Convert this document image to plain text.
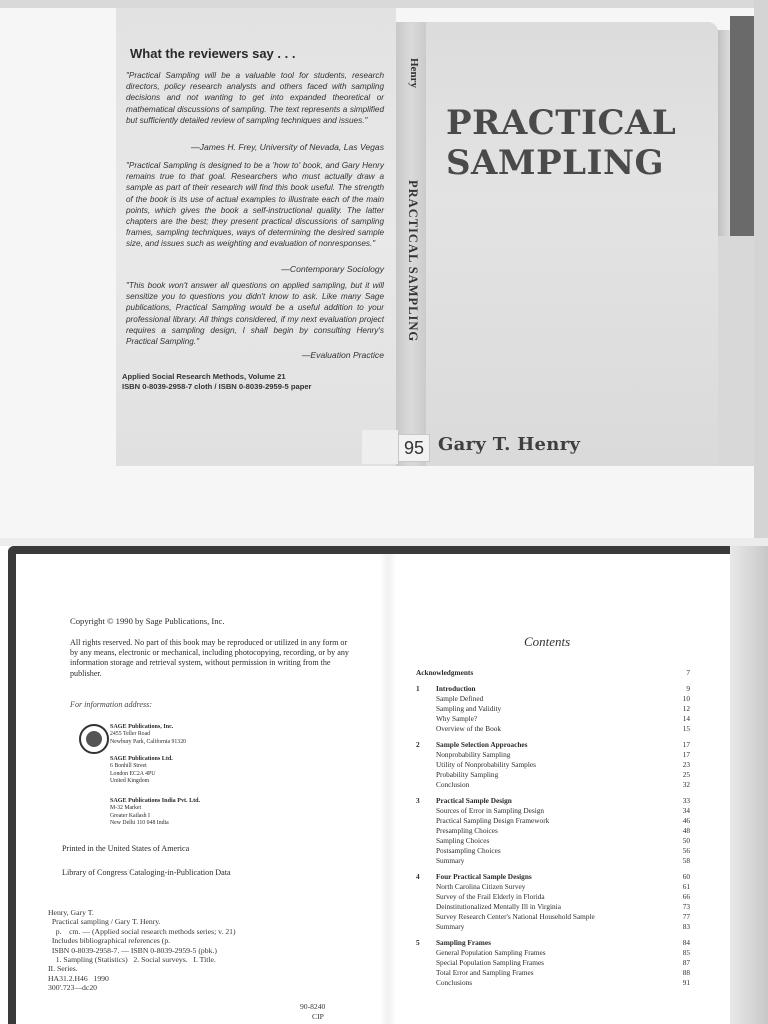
What the reviewers say . . .
"Practical Sampling will be a valuable tool for students, research directors, policy research analysts and others faced with sampling decisions and not wanting to get into expanded theoretical or mathematical discussions of sampling. The text represents a simplified but sufficiently detailed review of sampling techniques and issues."
—James H. Frey, University of Nevada, Las Vegas
"Practical Sampling is designed to be a 'how to' book, and Gary Henry remains true to that goal. Researchers who must actually draw a sample as part of their research will find this book useful. The strength of the book is its use of actual examples to illustrate each of the main points, which gives the book a self-instructional quality. The latter chapters are the best; they present practical discussions of sampling frames, sampling techniques, ways of determining the desired sample size, and issues such as weighting and evaluation of nonresponses."
—Contemporary Sociology
"This book won't answer all questions on applied sampling, but it will sensitize you to questions you didn't know to ask. Like many Sage publications, Practical Sampling would be a useful addition to your professional library. All things considered, if my next evaluation project requires a sampling design, I shall begin by consulting Henry's Practical Sampling."
—Evaluation Practice
Applied Social Research Methods, Volume 21
ISBN 0-8039-2958-7 cloth / ISBN 0-8039-2959-5 paper
Henry
PRACTICAL SAMPLING
PRACTICAL
SAMPLING
95 Gary T. Henry
Copyright © 1990 by Sage Publications, Inc.
All rights reserved. No part of this book may be reproduced or utilized in any form or by any means, electronic or mechanical, including photocopying, recording, or by any information storage and retrieval system, without permission in writing from the publisher.
For information address:
SAGE Publications, Inc.
2455 Teller Road
Newbury Park, California 91320
SAGE Publications Ltd.
6 Bonhill Street
London EC2A 4PU
United Kingdom
SAGE Publications India Pvt. Ltd.
M-32 Market
Greater Kailash I
New Delhi 110 048 India
Printed in the United States of America
Library of Congress Cataloging-in-Publication Data
Henry, Gary T.
Practical sampling / Gary T. Henry.
p.    cm. — (Applied social research methods series; v. 21)
Includes bibliographical references (p.
ISBN 0-8039-2958-7. — ISBN 0-8039-2959-5 (pbk.)
1. Sampling (Statistics)   2. Social surveys.   I. Title.
II. Series.
HA31.2.H46   1990
300'.723—dc20
90-8240
CIP
Contents
Acknowledgments	7
1 Introduction	9
Sample Defined	10
Sampling and Validity	12
Why Sample?	14
Overview of the Book	15
2 Sample Selection Approaches	17
Nonprobability Sampling	17
Utility of Nonprobability Samples	23
Probability Sampling	25
Conclusion	32
3 Practical Sample Design	33
Sources of Error in Sampling Design	34
Practical Sampling Design Framework	46
Presampling Choices	48
Sampling Choices	50
Postsampling Choices	56
Summary	58
4 Four Practical Sample Designs	60
North Carolina Citizen Survey	61
Survey of the Frail Elderly in Florida	66
Deinstitutionalized Mentally Ill in Virginia	73
Survey Research Center's National Household Sample	77
Summary	83
5 Sampling Frames	84
General Population Sampling Frames	85
Special Population Sampling Frames	87
Total Error and Sampling Frames	88
Conclusions	91
